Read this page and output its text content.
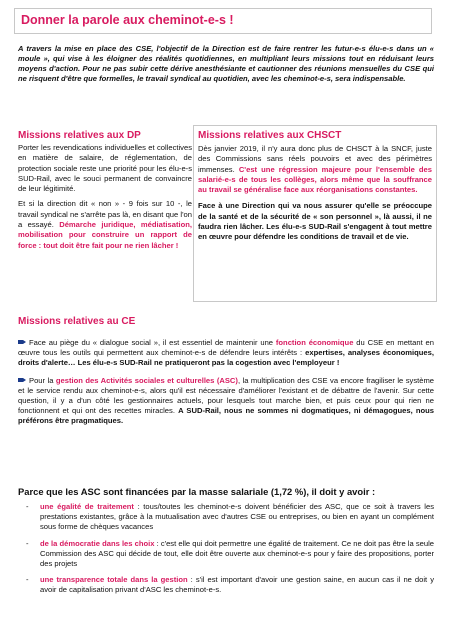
Donner la parole aux cheminot-e-s !
A travers la mise en place des CSE, l'objectif de la Direction est de faire rentrer les futur-e-s élu-e-s dans un « moule », qui vise à les éloigner des réalités quotidiennes, en multipliant leurs missions tout en réduisant leurs moyens d'action. Pour ne pas subir cette dérive anesthésiante et cautionner des réunions mensuelles du CSE qui ne risquent d'être que formelles, le travail syndical au quotidien, avec les cheminot-e-s, sera indispensable.
Missions relatives aux DP

Porter les revendications individuelles et collectives en matière de salaire, de réglementation, de protection sociale reste une priorité pour les élu-e-s SUD-Rail, avec le souci permanent de convaincre de leur légitimité.

Et si la direction dit « non » - 9 fois sur 10 -, le travail syndical ne s'arrête pas là, en disant que l'on a essayé. Démarche juridique, médiatisation, mobilisation pour construire un rapport de force : tout doit être fait pour ne rien lâcher !

Missions relatives aux CHSCT

Dès janvier 2019, il n'y aura donc plus de CHSCT à la SNCF, juste des Commissions sans réels pouvoirs et avec des périmètres immenses. C'est une régression majeure pour l'ensemble des salarié-e-s de tous les collèges, alors même que la souffrance au travail se généralise face aux réorganisations constantes.

Face à une Direction qui va nous assurer qu'elle se préoccupe de la santé et de la sécurité de « son personnel », là aussi, il ne faudra rien lâcher. Les élu-e-s SUD-Rail s'engagent à tout mettre en œuvre pour défendre les conditions de travail et de vie.

Missions relatives au CE

Face au piège du « dialogue social », il est essentiel de maintenir une fonction économique du CSE en mettant en œuvre tous les outils qui permettent aux cheminot-e-s de défendre leurs intérêts : expertises, analyses économiques, droits d'alerte… Les élu-e-s SUD-Rail ne pratiqueront pas la cogestion avec l'employeur !

Pour la gestion des Activités sociales et culturelles (ASC), la multiplication des CSE va encore fragiliser le système et le service rendu aux cheminot-e-s, alors qu'il est nécessaire d'améliorer l'existant et de débattre de l'avenir. Sur cette question, il y a d'un côté les gestionnaires actuels, pour lesquels tout marche bien, et puis ceux pour qui rien ne fonctionnent et qui ont des recettes miracles. A SUD-Rail, nous ne sommes ni dogmatiques, ni démagogues, nous préférons être pragmatiques.

Parce que les ASC sont financées par la masse salariale (1,72 %), il doit y avoir :
- une égalité de traitement : tous/toutes les cheminot-e-s doivent bénéficier des ASC, que ce soit à travers les prestations existantes, grâce à la mutualisation avec d'autres CSE ou entreprises, ou bien en ayant un complément sous forme de chèques vacances
- de la démocratie dans les choix : c'est elle qui doit permettre une égalité de traitement. Ce ne doit pas être la seule Commission des ASC qui décide de tout, elle doit être ouverte aux cheminot-e-s pour y faire des propositions, porter des projets
- une transparence totale dans la gestion : s'il est important d'avoir une gestion saine, en aucun cas il ne doit y avoir de capitalisation privant d'ASC les cheminot-e-s.
